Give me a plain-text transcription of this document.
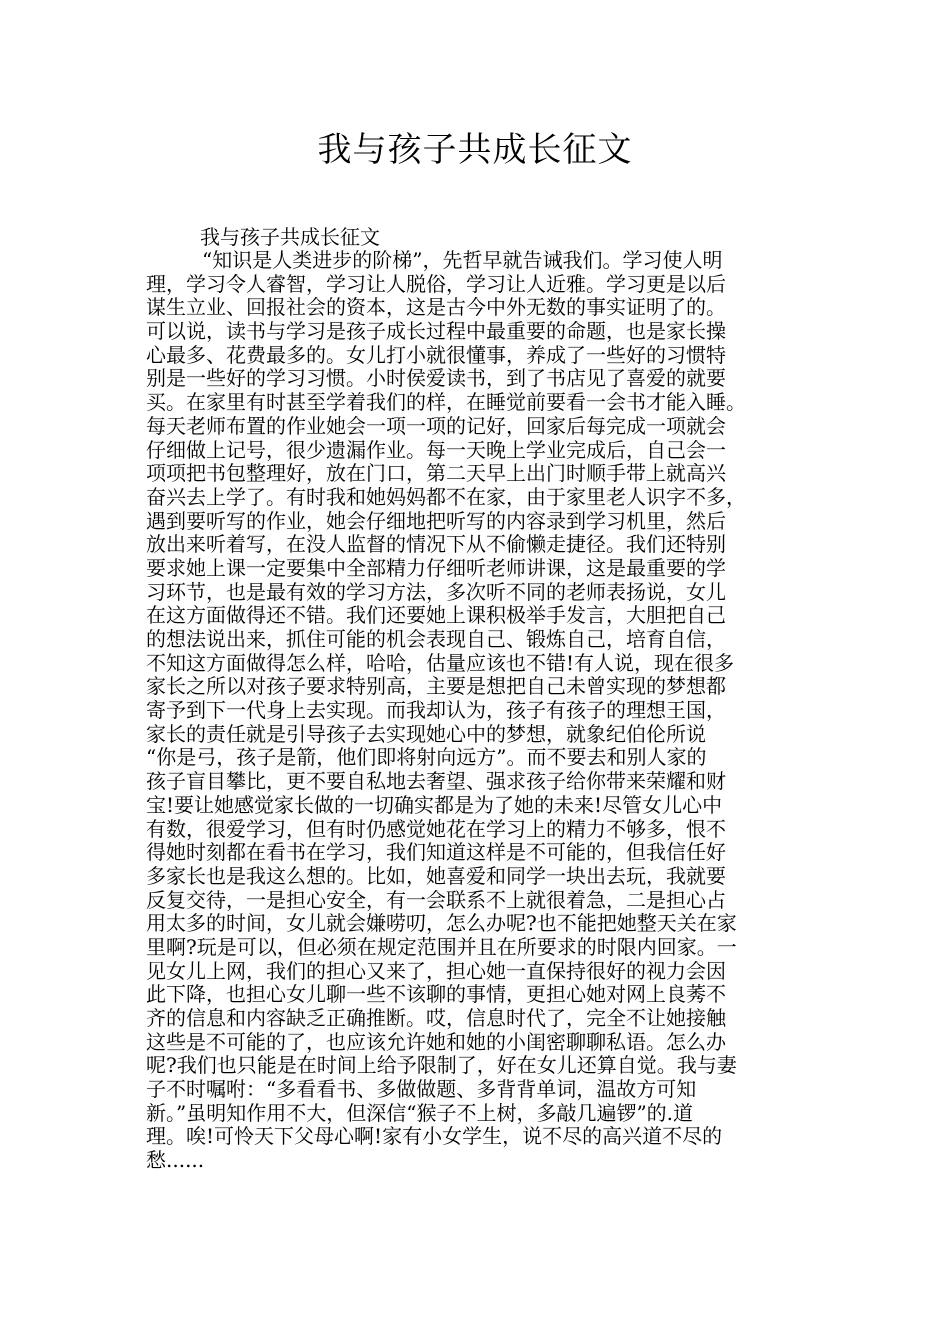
我与孩子共成长征文
我与孩子共成长征文
“知识是人类进步的阶梯”，先哲早就告诫我们。学习使人明
理，学习令人睿智，学习让人脱俗，学习让人近雅。学习更是以后
谋生立业、回报社会的资本，这是古今中外无数的事实证明了的。
可以说，读书与学习是孩子成长过程中最重要的命题，也是家长操
心最多、花费最多的。女儿打小就很懂事，养成了一些好的习惯特
别是一些好的学习习惯。小时侯爱读书，到了书店见了喜爱的就要
买。在家里有时甚至学着我们的样，在睡觉前要看一会书才能入睡。
每天老师布置的作业她会一项一项的记好，回家后每完成一项就会
仔细做上记号，很少遗漏作业。每一天晚上学业完成后，自己会一
项项把书包整理好，放在门口，第二天早上出门时顺手带上就高兴
奋兴去上学了。有时我和她妈妈都不在家，由于家里老人识字不多，
遇到要听写的作业，她会仔细地把听写的内容录到学习机里，然后
放出来听着写，在没人监督的情况下从不偷懒走捷径。我们还特别
要求她上课一定要集中全部精力仔细听老师讲课，这是最重要的学
习环节，也是最有效的学习方法，多次听不同的老师表扬说，女儿
在这方面做得还不错。我们还要她上课积极举手发言，大胆把自己
的想法说出来，抓住可能的机会表现自己、锻炼自己，培育自信，
不知这方面做得怎么样，哈哈，估量应该也不错!有人说，现在很多
家长之所以对孩子要求特别高，主要是想把自己未曾实现的梦想都
寄予到下一代身上去实现。而我却认为，孩子有孩子的理想王国，
家长的责任就是引导孩子去实现她心中的梦想，就象纪伯伦所说
“你是弓，孩子是箭，他们即将射向远方”。而不要去和别人家的
孩子盲目攀比，更不要自私地去奢望、强求孩子给你带来荣耀和财
宝!要让她感觉家长做的一切确实都是为了她的未来!尽管女儿心中
有数，很爱学习，但有时仍感觉她花在学习上的精力不够多，恨不
得她时刻都在看书在学习，我们知道这样是不可能的，但我信任好
多家长也是我这么想的。比如，她喜爱和同学一块出去玩，我就要
反复交待，一是担心安全，有一会联系不上就很着急，二是担心占
用太多的时间，女儿就会嫌唠叨，怎么办呢?也不能把她整天关在家
里啊?玩是可以，但必须在规定范围并且在所要求的时限内回家。一
见女儿上网，我们的担心又来了，担心她一直保持很好的视力会因
此下降，也担心女儿聊一些不该聊的事情，更担心她对网上良莠不
齐的信息和内容缺乏正确推断。哎，信息时代了，完全不让她接触
这些是不可能的了，也应该允许她和她的小闺密聊聊私语。怎么办
呢?我们也只能是在时间上给予限制了，好在女儿还算自觉。我与妻
子不时嘱咐：“多看看书、多做做题、多背背单词，温故方可知
新。”虽明知作用不大，但深信“猴子不上树，多敲几遍锣”的.道
理。唉!可怜天下父母心啊!家有小女学生，说不尽的高兴道不尽的
愁......
